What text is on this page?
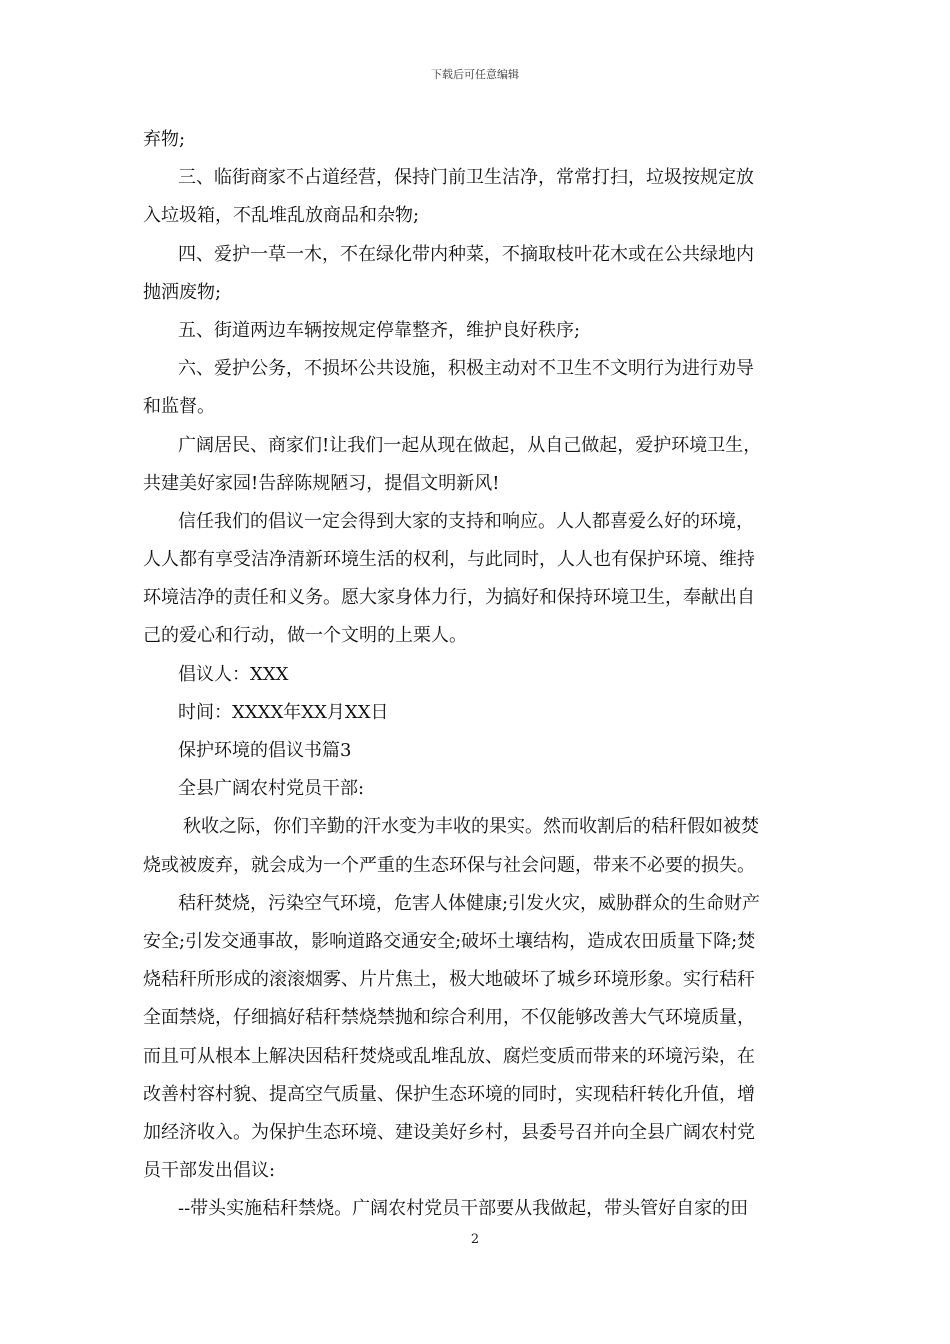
下载后可任意编辑
弃物;
三、临街商家不占道经营，保持门前卫生洁净，常常打扫，垃圾按规定放
入垃圾箱，不乱堆乱放商品和杂物;
四、爱护一草一木，不在绿化带内种菜，不摘取枝叶花木或在公共绿地内
抛洒废物;
五、街道两边车辆按规定停靠整齐，维护良好秩序;
六、爱护公务，不损坏公共设施，积极主动对不卫生不文明行为进行劝导
和监督。
广阔居民、商家们!让我们一起从现在做起，从自己做起，爱护环境卫生，
共建美好家园!告辞陈规陋习，提倡文明新风!
信任我们的倡议一定会得到大家的支持和响应。人人都喜爱么好的环境，
人人都有享受洁净清新环境生活的权利，与此同时，人人也有保护环境、维持
环境洁净的责任和义务。愿大家身体力行，为搞好和保持环境卫生，奉献出自
己的爱心和行动，做一个文明的上栗人。
倡议人：XXX
时间：XXXX年XX月XX日
保护环境的倡议书篇3
全县广阔农村党员干部:
秋收之际，你们辛勤的汗水变为丰收的果实。然而收割后的秸秆假如被焚
烧或被废弃，就会成为一个严重的生态环保与社会问题，带来不必要的损失。
秸秆焚烧，污染空气环境，危害人体健康;引发火灾，威胁群众的生命财产
安全;引发交通事故，影响道路交通安全;破坏土壤结构，造成农田质量下降;焚
烧秸秆所形成的滚滚烟雾、片片焦土，极大地破坏了城乡环境形象。实行秸秆
全面禁烧，仔细搞好秸秆禁烧禁抛和综合利用，不仅能够改善大气环境质量，
而且可从根本上解决因秸秆焚烧或乱堆乱放、腐烂变质而带来的环境污染，在
改善村容村貌、提高空气质量、保护生态环境的同时，实现秸秆转化升值，增
加经济收入。为保护生态环境、建设美好乡村，县委号召并向全县广阔农村党
员干部发出倡议:
--带头实施秸秆禁烧。广阔农村党员干部要从我做起，带头管好自家的田
2
